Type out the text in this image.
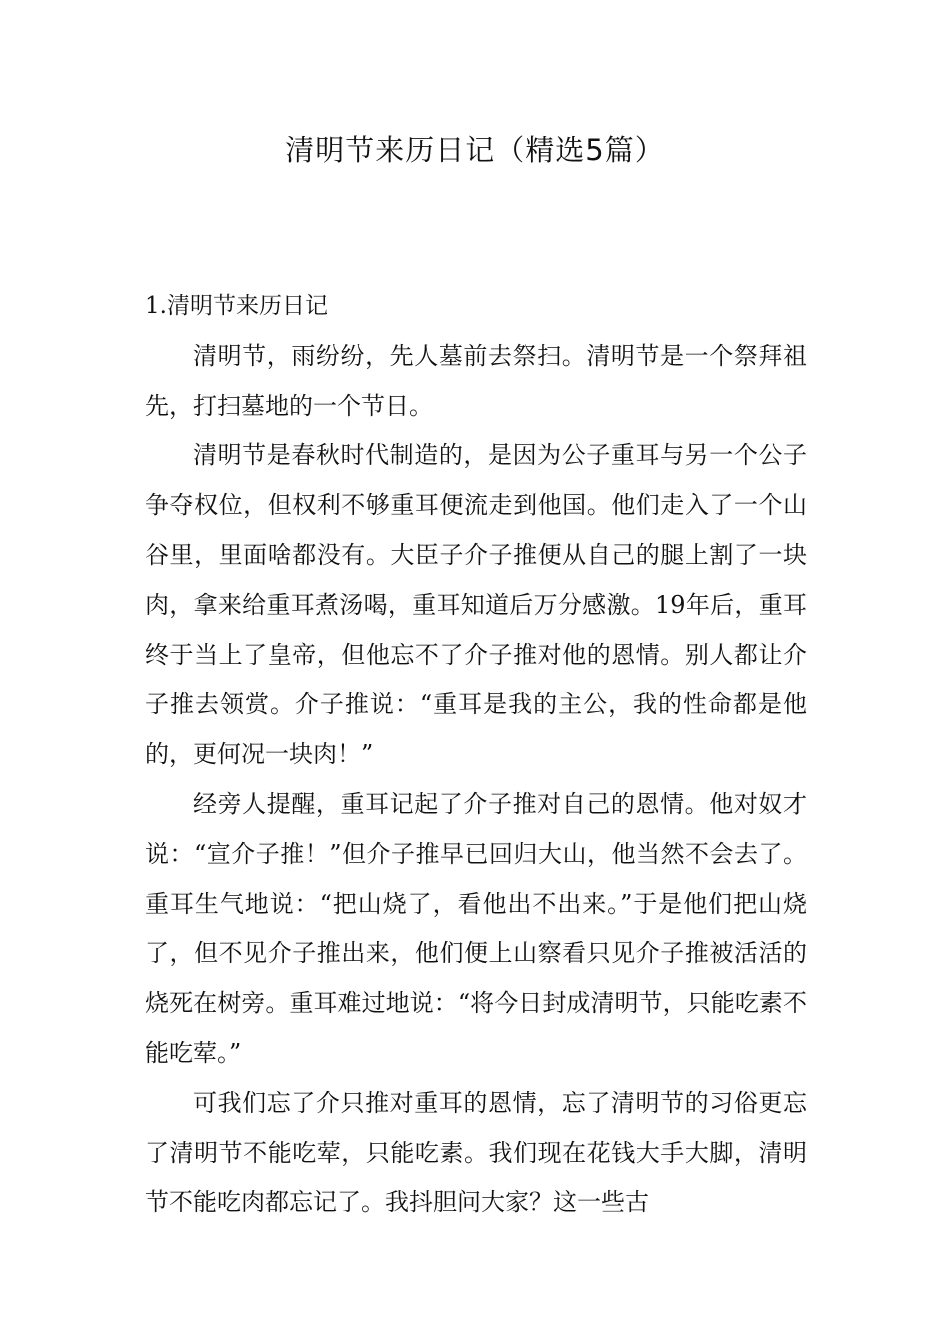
清明节来历日记（精选5篇）
1.清明节来历日记

清明节，雨纷纷，先人墓前去祭扫。清明节是一个祭拜祖先，打扫墓地的一个节日。

清明节是春秋时代制造的，是因为公子重耳与另一个公子争夺权位，但权利不够重耳便流走到他国。他们走入了一个山谷里，里面啥都没有。大臣子介子推便从自己的腿上割了一块肉，拿来给重耳煮汤喝，重耳知道后万分感激。19年后，重耳终于当上了皇帝，但他忘不了介子推对他的恩情。别人都让介子推去领赏。介子推说：“重耳是我的主公，我的性命都是他的，更何况一块肉！”

经旁人提醒，重耳记起了介子推对自己的恩情。他对奴才说：“宣介子推！”但介子推早已回归大山，他当然不会去了。重耳生气地说：“把山烧了，看他出不出来。”于是他们把山烧了，但不见介子推出来，他们便上山察看只见介子推被活活的烧死在树旁。重耳难过地说：“将今日封成清明节，只能吃素不能吃荤。”

可我们忘了介只推对重耳的恩情，忘了清明节的习俗更忘了清明节不能吃荤，只能吃素。我们现在花钱大手大脚，清明节不能吃肉都忘记了。我抖胆问大家？这一些古
